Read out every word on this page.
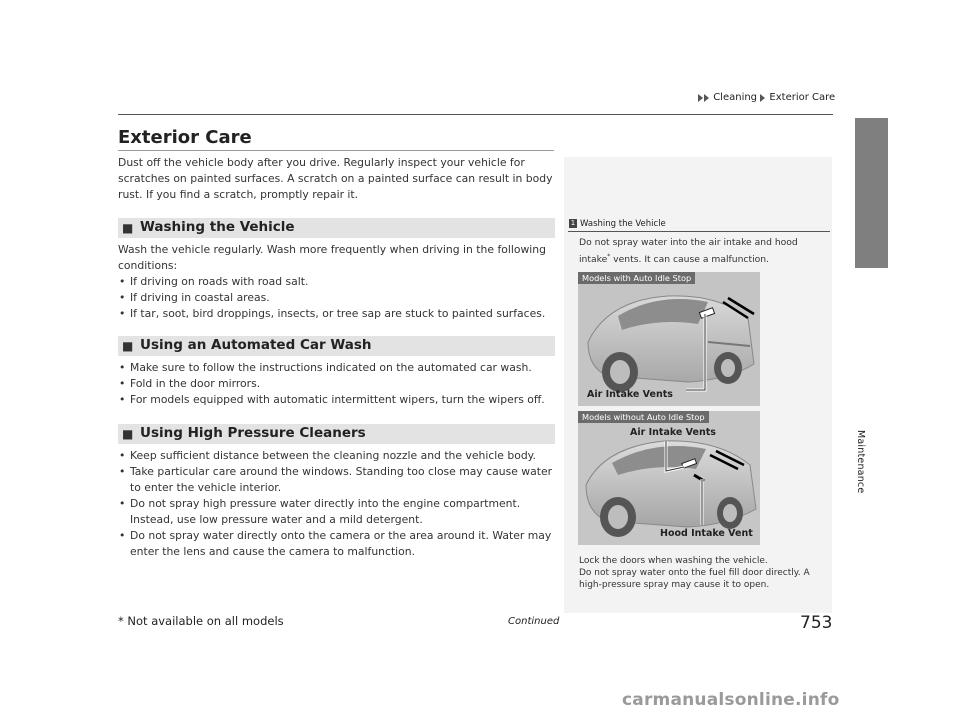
Cleaning Exterior Care
Maintenance
Exterior Care
Dust off the vehicle body after you drive. Regularly inspect your vehicle for scratches on painted surfaces. A scratch on a painted surface can result in body rust. If you find a scratch, promptly repair it.
■ Washing the Vehicle
Wash the vehicle regularly. Wash more frequently when driving in the following
conditions:
• If driving on roads with road salt.
• If driving in coastal areas.
• If tar, soot, bird droppings, insects, or tree sap are stuck to painted surfaces.
■ Using an Automated Car Wash
• Make sure to follow the instructions indicated on the automated car wash.
• Fold in the door mirrors.
• For models equipped with automatic intermittent wipers, turn the wipers off.
■ Using High Pressure Cleaners
• Keep sufficient distance between the cleaning nozzle and the vehicle body.
• Take particular care around the windows. Standing too close may cause water to enter the vehicle interior.
• Do not spray high pressure water directly into the engine compartment. Instead, use low pressure water and a mild detergent.
• Do not spray water directly onto the camera or the area around it. Water may enter the lens and cause the camera to malfunction.
1 Washing the Vehicle
Do not spray water into the air intake and hood
intake* vents. It can cause a malfunction.
Models with Auto Idle Stop
Air Intake Vents
Models without Auto Idle Stop
Air Intake Vents
Hood Intake Vent
Lock the doors when washing the vehicle.
Do not spray water onto the fuel fill door directly. A
high-pressure spray may cause it to open.
* Not available on all models	Continued	753
carmanualsonline.info
